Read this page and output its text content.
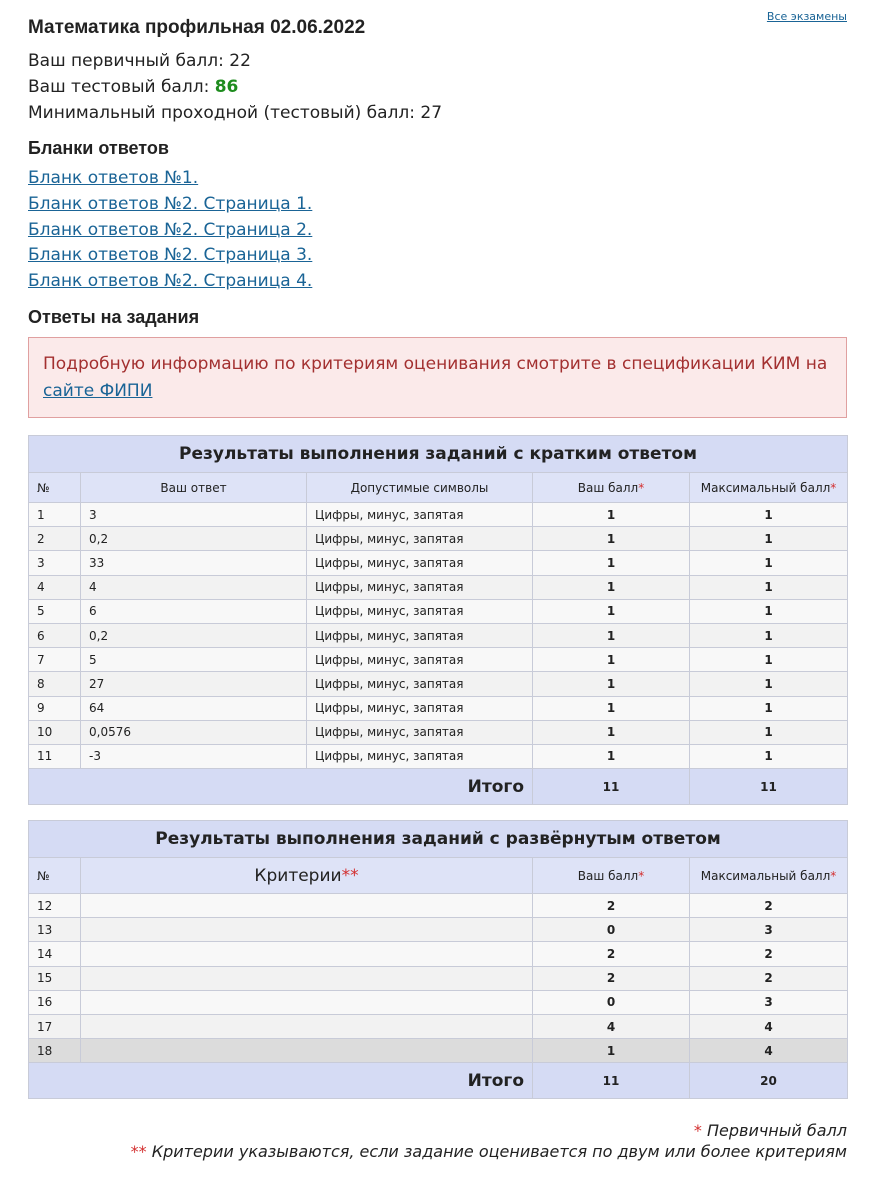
Все экзамены
Математика профильная 02.06.2022
Ваш первичный балл: 22
Ваш тестовый балл: 86
Минимальный проходной (тестовый) балл: 27
Бланки ответов
Бланк ответов №1.
Бланк ответов №2. Страница 1.
Бланк ответов №2. Страница 2.
Бланк ответов №2. Страница 3.
Бланк ответов №2. Страница 4.
Ответы на задания
Подробную информацию по критериям оценивания смотрите в спецификации КИМ на сайте ФИПИ
Результаты выполнения заданий с кратким ответом				
№	Ваш ответ	Допустимые символы	Ваш балл*	Максимальный балл*
1	3	Цифры, минус, запятая	1	1
2	0,2	Цифры, минус, запятая	1	1
3	33	Цифры, минус, запятая	1	1
4	4	Цифры, минус, запятая	1	1
5	6	Цифры, минус, запятая	1	1
6	0,2	Цифры, минус, запятая	1	1
7	5	Цифры, минус, запятая	1	1
8	27	Цифры, минус, запятая	1	1
9	64	Цифры, минус, запятая	1	1
10	0,0576	Цифры, минус, запятая	1	1
11	-3	Цифры, минус, запятая	1	1
Итого			11	11
Результаты выполнения заданий с развёрнутым ответом			
№	Критерии**	Ваш балл*	Максимальный балл*
12		2	2
13		0	3
14		2	2
15		2	2
16		0	3
17		4	4
18		1	4
Итого		11	20
* Первичный балл
** Критерии указываются, если задание оценивается по двум или более критериям
